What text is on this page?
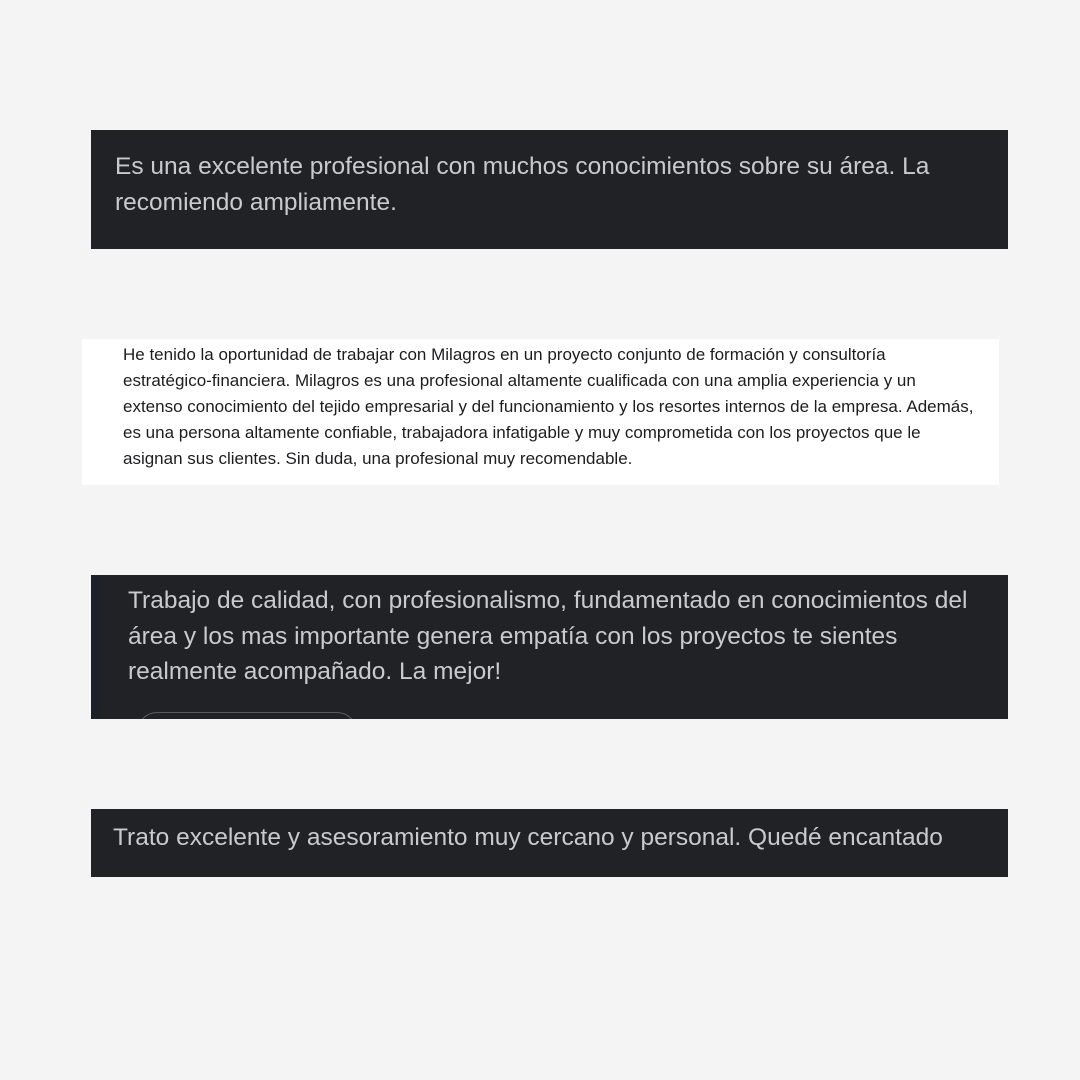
Es una excelente profesional con muchos conocimientos sobre su área. La recomiendo ampliamente.

He tenido la oportunidad de trabajar con Milagros en un proyecto conjunto de formación y consultoría estratégico-financiera. Milagros es una profesional altamente cualificada con una amplia experiencia y un extenso conocimiento del tejido empresarial y del funcionamiento y los resortes internos de la empresa. Además, es una persona altamente confiable, trabajadora infatigable y muy comprometida con los proyectos que le asignan sus clientes. Sin duda, una profesional muy recomendable.

Trabajo de calidad, con profesionalismo, fundamentado en conocimientos del área y los mas importante genera empatía con los proyectos te sientes realmente acompañado. La mejor!

Trato excelente y asesoramiento muy cercano y personal. Quedé encantado
